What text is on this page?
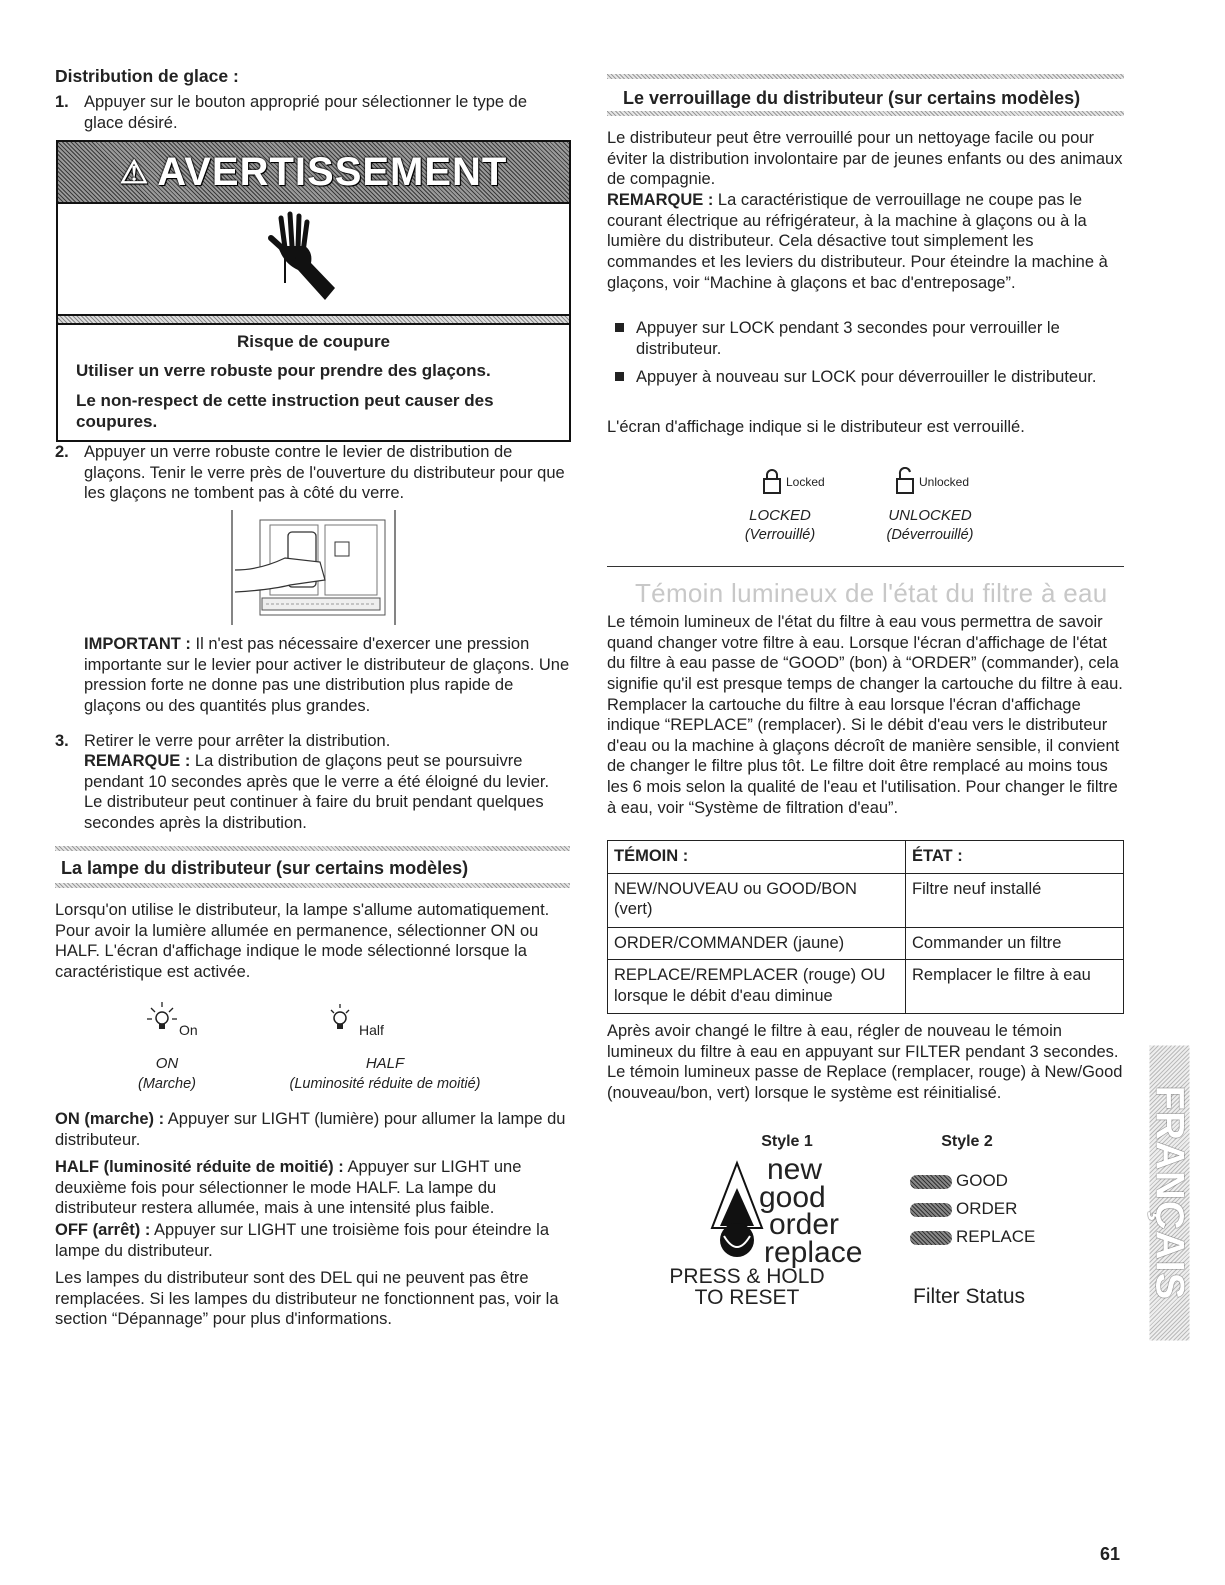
Distribution de glace :

1. Appuyer sur le bouton approprié pour sélectionner le type de glace désiré.

⚠ AVERTISSEMENT

Risque de coupure

Utiliser un verre robuste pour prendre des glaçons.

Le non-respect de cette instruction peut causer des coupures.

2. Appuyer un verre robuste contre le levier de distribution de glaçons. Tenir le verre près de l'ouverture du distributeur pour que les glaçons ne tombent pas à côté du verre.

IMPORTANT : Il n'est pas nécessaire d'exercer une pression importante sur le levier pour activer le distributeur de glaçons. Une pression forte ne donne pas une distribution plus rapide de glaçons ou des quantités plus grandes.

3. Retirer le verre pour arrêter la distribution.

REMARQUE : La distribution de glaçons peut se poursuivre pendant 10 secondes après que le verre a été éloigné du levier. Le distributeur peut continuer à faire du bruit pendant quelques secondes après la distribution.

La lampe du distributeur (sur certains modèles)

Lorsqu'on utilise le distributeur, la lampe s'allume automatiquement. Pour avoir la lumière allumée en permanence, sélectionner ON ou HALF. L'écran d'affichage indique le mode sélectionné lorsque la caractéristique est activée.

On	Half

ON

(Marche)

HALF

(Luminosité réduite de moitié)

ON (marche) : Appuyer sur LIGHT (lumière) pour allumer la lampe du distributeur.

HALF (luminosité réduite de moitié) : Appuyer sur LIGHT une deuxième fois pour sélectionner le mode HALF. La lampe du distributeur restera allumée, mais à une intensité plus faible.

OFF (arrêt) : Appuyer sur LIGHT une troisième fois pour éteindre la lampe du distributeur.

Les lampes du distributeur sont des DEL qui ne peuvent pas être remplacées. Si les lampes du distributeur ne fonctionnent pas, voir la section “Dépannage” pour plus d'informations.

Le verrouillage du distributeur (sur certains modèles)

Le distributeur peut être verrouillé pour un nettoyage facile ou pour éviter la distribution involontaire par de jeunes enfants ou des animaux de compagnie.

REMARQUE : La caractéristique de verrouillage ne coupe pas le courant électrique au réfrigérateur, à la machine à glaçons ou à la lumière du distributeur. Cela désactive tout simplement les commandes et les leviers du distributeur. Pour éteindre la machine à glaçons, voir “Machine à glaçons et bac d'entreposage”.

Appuyer sur LOCK pendant 3 secondes pour verrouiller le distributeur.

Appuyer à nouveau sur LOCK pour déverrouiller le distributeur.

L'écran d'affichage indique si le distributeur est verrouillé.

Locked	Unlocked

LOCKED

(Verrouillé)

UNLOCKED

(Déverrouillé)

Témoin lumineux de l'état du filtre à eau

Le témoin lumineux de l'état du filtre à eau vous permettra de savoir quand changer votre filtre à eau. Lorsque l'écran d'affichage de l'état du filtre à eau passe de “GOOD” (bon) à “ORDER” (commander), cela signifie qu'il est presque temps de changer la cartouche du filtre à eau. Remplacer la cartouche du filtre à eau lorsque l'écran d'affichage indique “REPLACE” (remplacer). Si le débit d'eau vers le distributeur d'eau ou la machine à glaçons décroît de manière sensible, il convient de changer le filtre plus tôt. Le filtre doit être remplacé au moins tous les 6 mois selon la qualité de l'eau et l'utilisation. Pour changer le filtre à eau, voir “Système de filtration d'eau”.

TÉMOIN :	ÉTAT :
NEW/NOUVEAU ou GOOD/BON (vert)	Filtre neuf installé
ORDER/COMMANDER (jaune)	Commander un filtre
REPLACE/REMPLACER (rouge) OU lorsque le débit d'eau diminue	Remplacer le filtre à eau

Après avoir changé le filtre à eau, régler de nouveau le témoin lumineux du filtre à eau en appuyant sur FILTER pendant 3 secondes. Le témoin lumineux passe de Replace (remplacer, rouge) à New/Good (nouveau/bon, vert) lorsque le système est réinitialisé.

Style 1	Style 2

new

good

order

replace

PRESS & HOLD

TO RESET

GOOD
ORDER
REPLACE

Filter Status	FRANÇAIS

61
